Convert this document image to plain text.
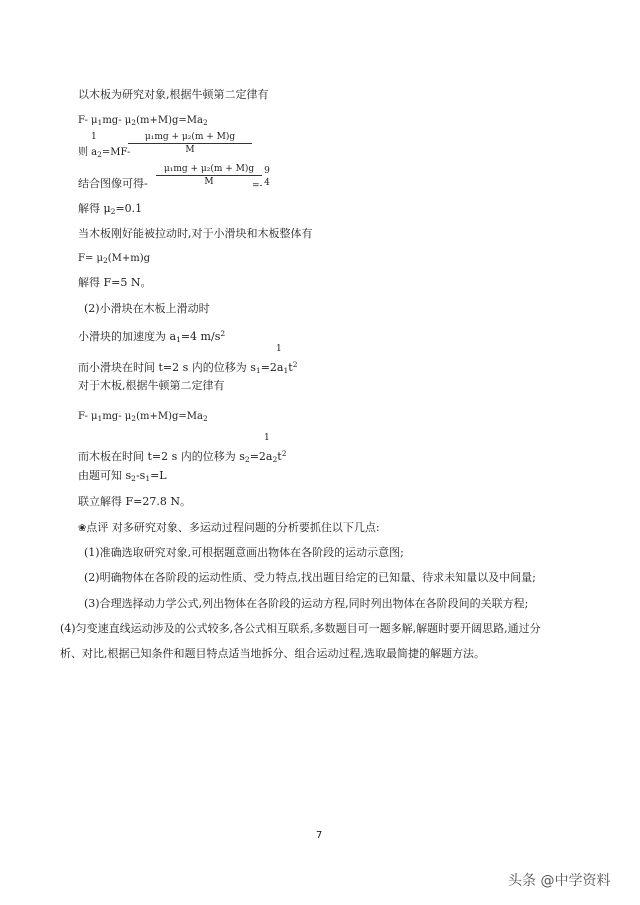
以木板为研究对象,根据牛顿第二定律有
F- $\mu_1mg-$ $\mu_2(m+M)g=Ma_2$
1
则 $a_2=MF-$
μ₁mg + μ₂(m + M)g
M
结合图像可得-
μ₁mg + μ₂(m + M)g
M	=-
9
4
解得 $\mu_2=0.1$
当木板刚好能被拉动时,对于小滑块和木板整体有
$F= \mu_2(M+m)g$
解得 F=5 N。
(2)小滑块在木板上滑动时
小滑块的加速度为 $a_1=4$ $m/s^2$
1
而小滑块在时间 t=2 s 内的位移为 $s_1=2a_1t^2$
对于木板,根据牛顿第二定律有
F- $\mu_1mg-$ $\mu_2(m+M)g=Ma_2$
1
而木板在时间 t=2 s 内的位移为 $s_2=2a_2t^2$
由题可知 $s_2-s_1=L$
联立解得 F=27.8 N。
❀点评 对多研究对象、多运动过程问题的分析要抓住以下几点:
(1)准确选取研究对象,可根据题意画出物体在各阶段的运动示意图;
(2)明确物体在各阶段的运动性质、受力特点,找出题目给定的已知量、待求未知量以及中间量;
(3)合理选择动力学公式,列出物体在各阶段的运动方程,同时列出物体在各阶段间的关联方程;
(4)匀变速直线运动涉及的公式较多,各公式相互联系,多数题目可一题多解,解题时要开阔思路,通过分
析、对比,根据已知条件和题目特点适当地拆分、组合运动过程,选取最简捷的解题方法。
7
头条 @中学资料
